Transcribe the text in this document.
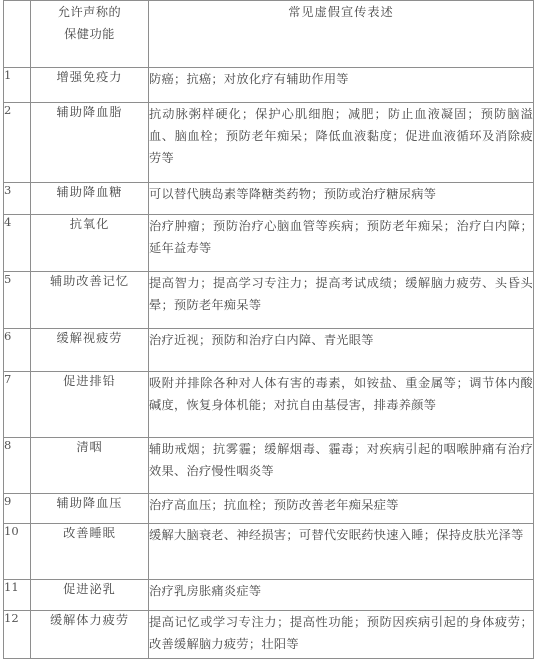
	允许声称的
保健功能	常见虚假宣传表述
1	增强免疫力	防癌；抗癌；对放化疗有辅助作用等
2	辅助降血脂	抗动脉粥样硬化；保护心肌细胞；减肥；防止血液凝固；预防脑溢血、脑血栓；预防老年痴呆；降低血液黏度；促进血液循环及消除疲劳等
3	辅助降血糖	可以替代胰岛素等降糖类药物；预防或治疗糖尿病等
4	抗氧化	治疗肿瘤；预防治疗心脑血管等疾病；预防老年痴呆；治疗白内障；延年益寿等
5	辅助改善记忆	提高智力；提高学习专注力；提高考试成绩；缓解脑力疲劳、头昏头晕；预防老年痴呆等
6	缓解视疲劳	治疗近视；预防和治疗白内障、青光眼等
7	促进排铅	吸附并排除各种对人体有害的毒素，如铵盐、重金属等；调节体内酸碱度，恢复身体机能；对抗自由基侵害，排毒养颜等
8	清咽	辅助戒烟；抗雾霾；缓解烟毒、霾毒；对疾病引起的咽喉肿痛有治疗效果、治疗慢性咽炎等
9	辅助降血压	治疗高血压；抗血栓；预防改善老年痴呆症等
10	改善睡眠	缓解大脑衰老、神经损害；可替代安眠药快速入睡；保持皮肤光泽等
11	促进泌乳	治疗乳房胀痛炎症等
12	缓解体力疲劳	提高记忆或学习专注力；提高性功能；预防因疾病引起的身体疲劳；改善缓解脑力疲劳；壮阳等
